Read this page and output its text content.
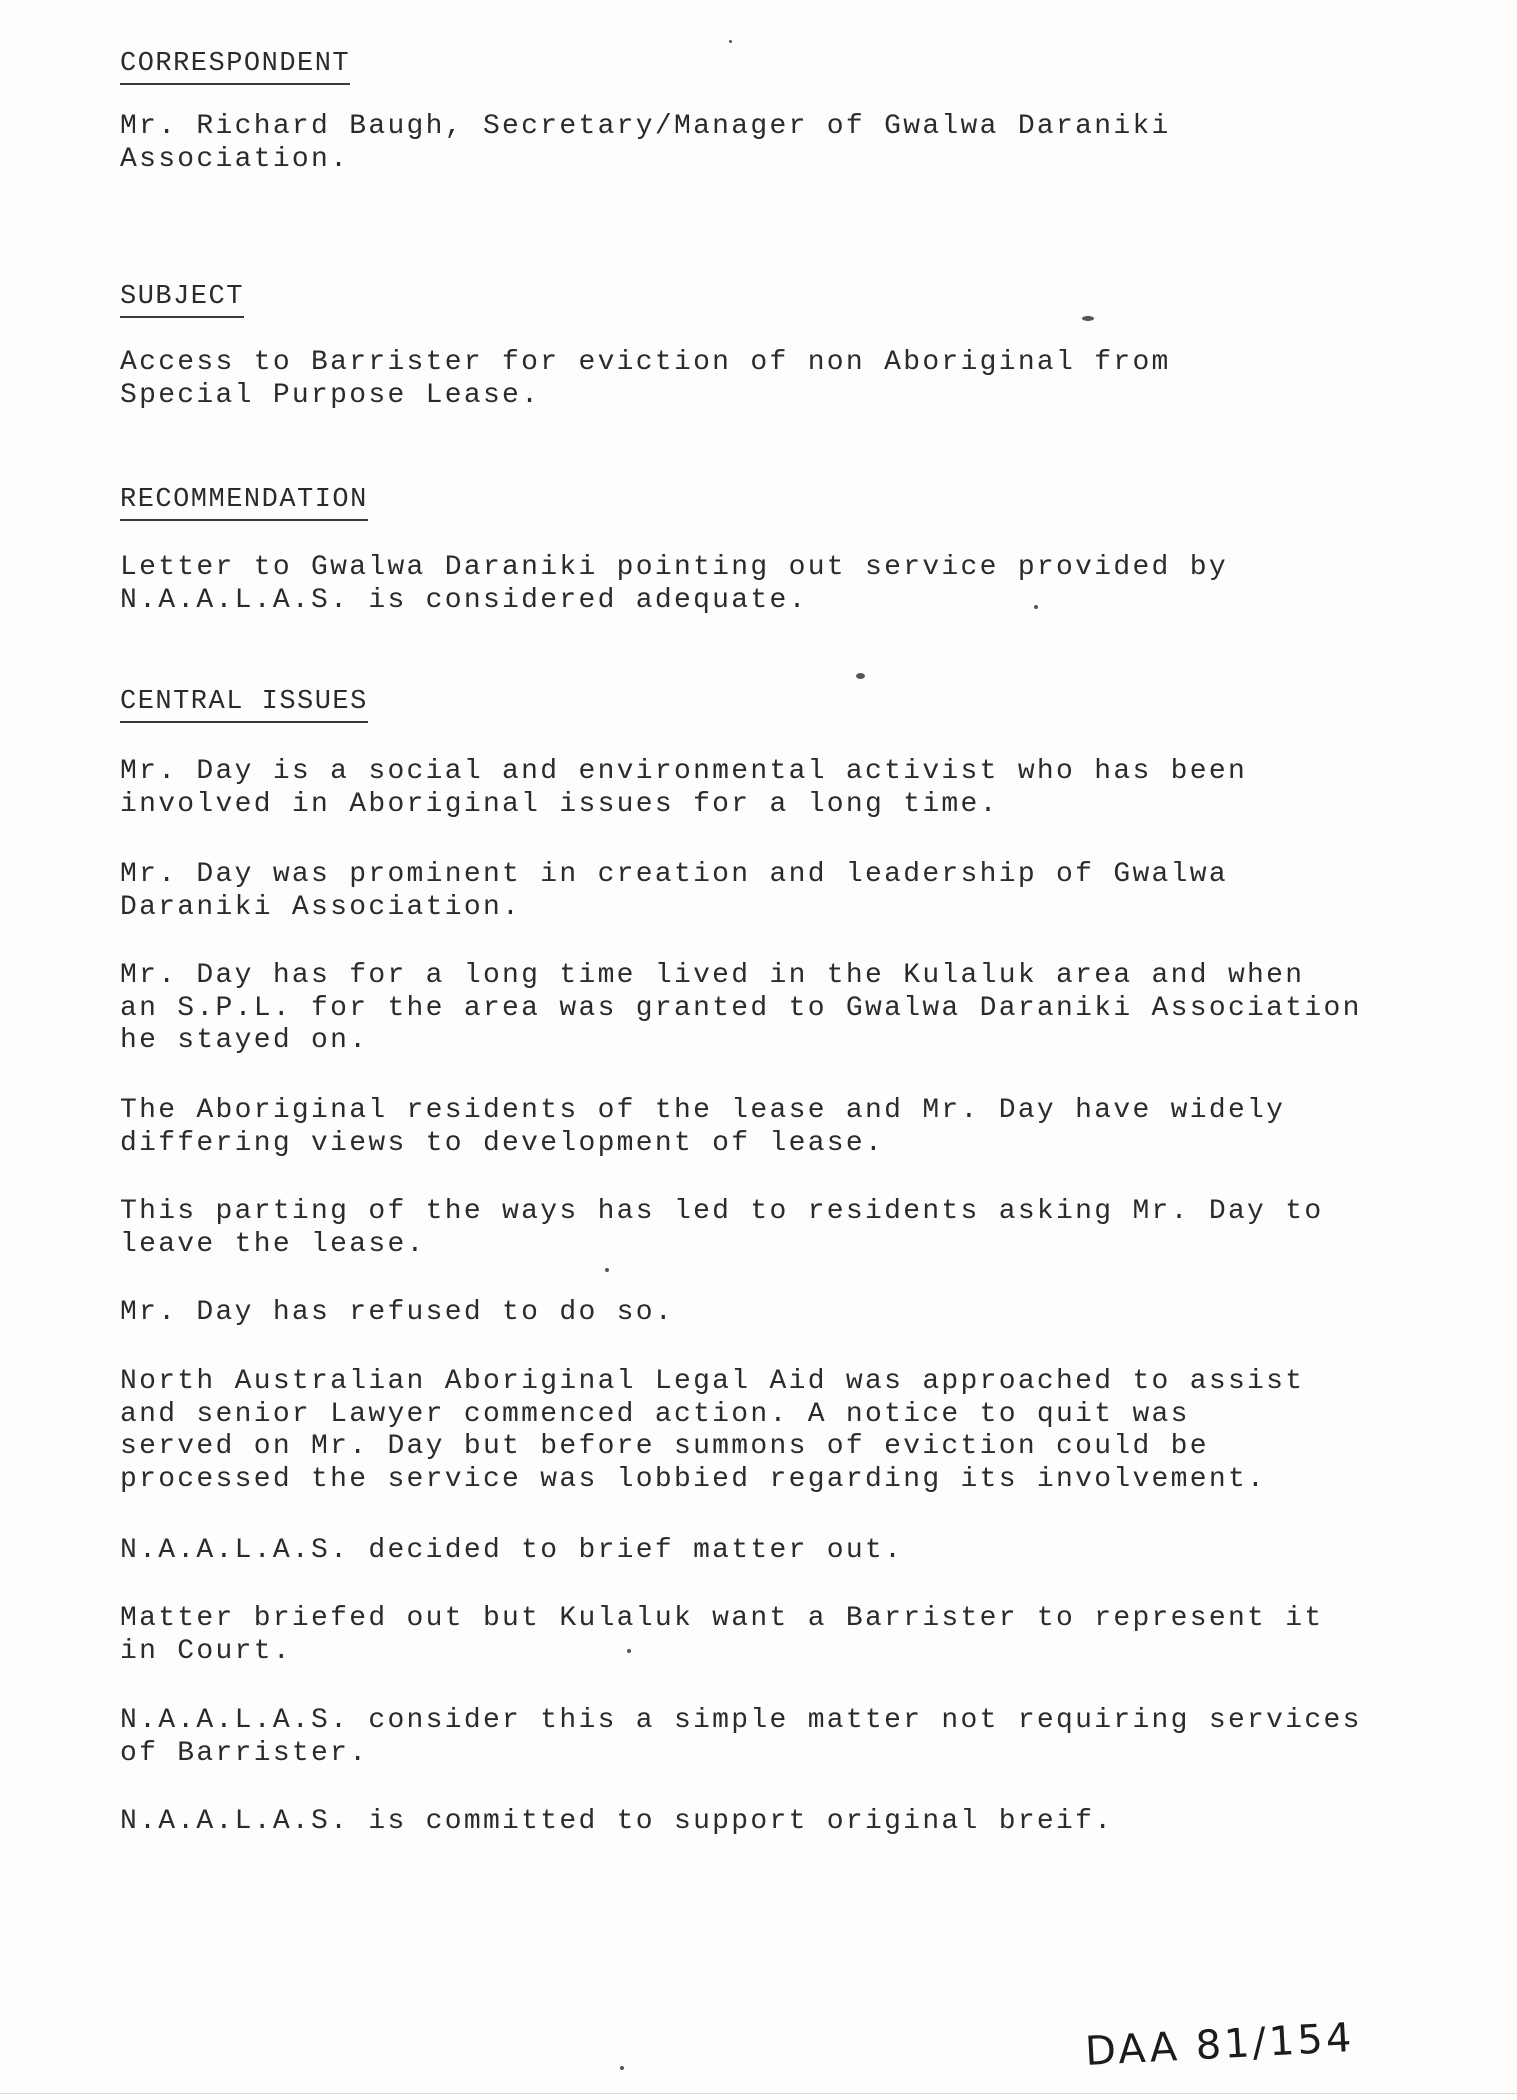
CORRESPONDENT

Mr. Richard Baugh, Secretary/Manager of Gwalwa Daraniki
Association.

SUBJECT

Access to Barrister for eviction of non Aboriginal from
Special Purpose Lease.

RECOMMENDATION

Letter to Gwalwa Daraniki pointing out service provided by
N.A.A.L.A.S. is considered adequate.

CENTRAL ISSUES

Mr. Day is a social and environmental activist who has been
involved in Aboriginal issues for a long time.

Mr. Day was prominent in creation and leadership of Gwalwa
Daraniki Association.

Mr. Day has for a long time lived in the Kulaluk area and when
an S.P.L. for the area was granted to Gwalwa Daraniki Association
he stayed on.

The Aboriginal residents of the lease and Mr. Day have widely
differing views to development of lease.

This parting of the ways has led to residents asking Mr. Day to
leave the lease.

Mr. Day has refused to do so.

North Australian Aboriginal Legal Aid was approached to assist
and senior Lawyer commenced action. A notice to quit was
served on Mr. Day but before summons of eviction could be
processed the service was lobbied regarding its involvement.

N.A.A.L.A.S. decided to brief matter out.

Matter briefed out but Kulaluk want a Barrister to represent it
in Court.

N.A.A.L.A.S. consider this a simple matter not requiring services
of Barrister.

N.A.A.L.A.S. is committed to support original breif.

DAA 81/154
